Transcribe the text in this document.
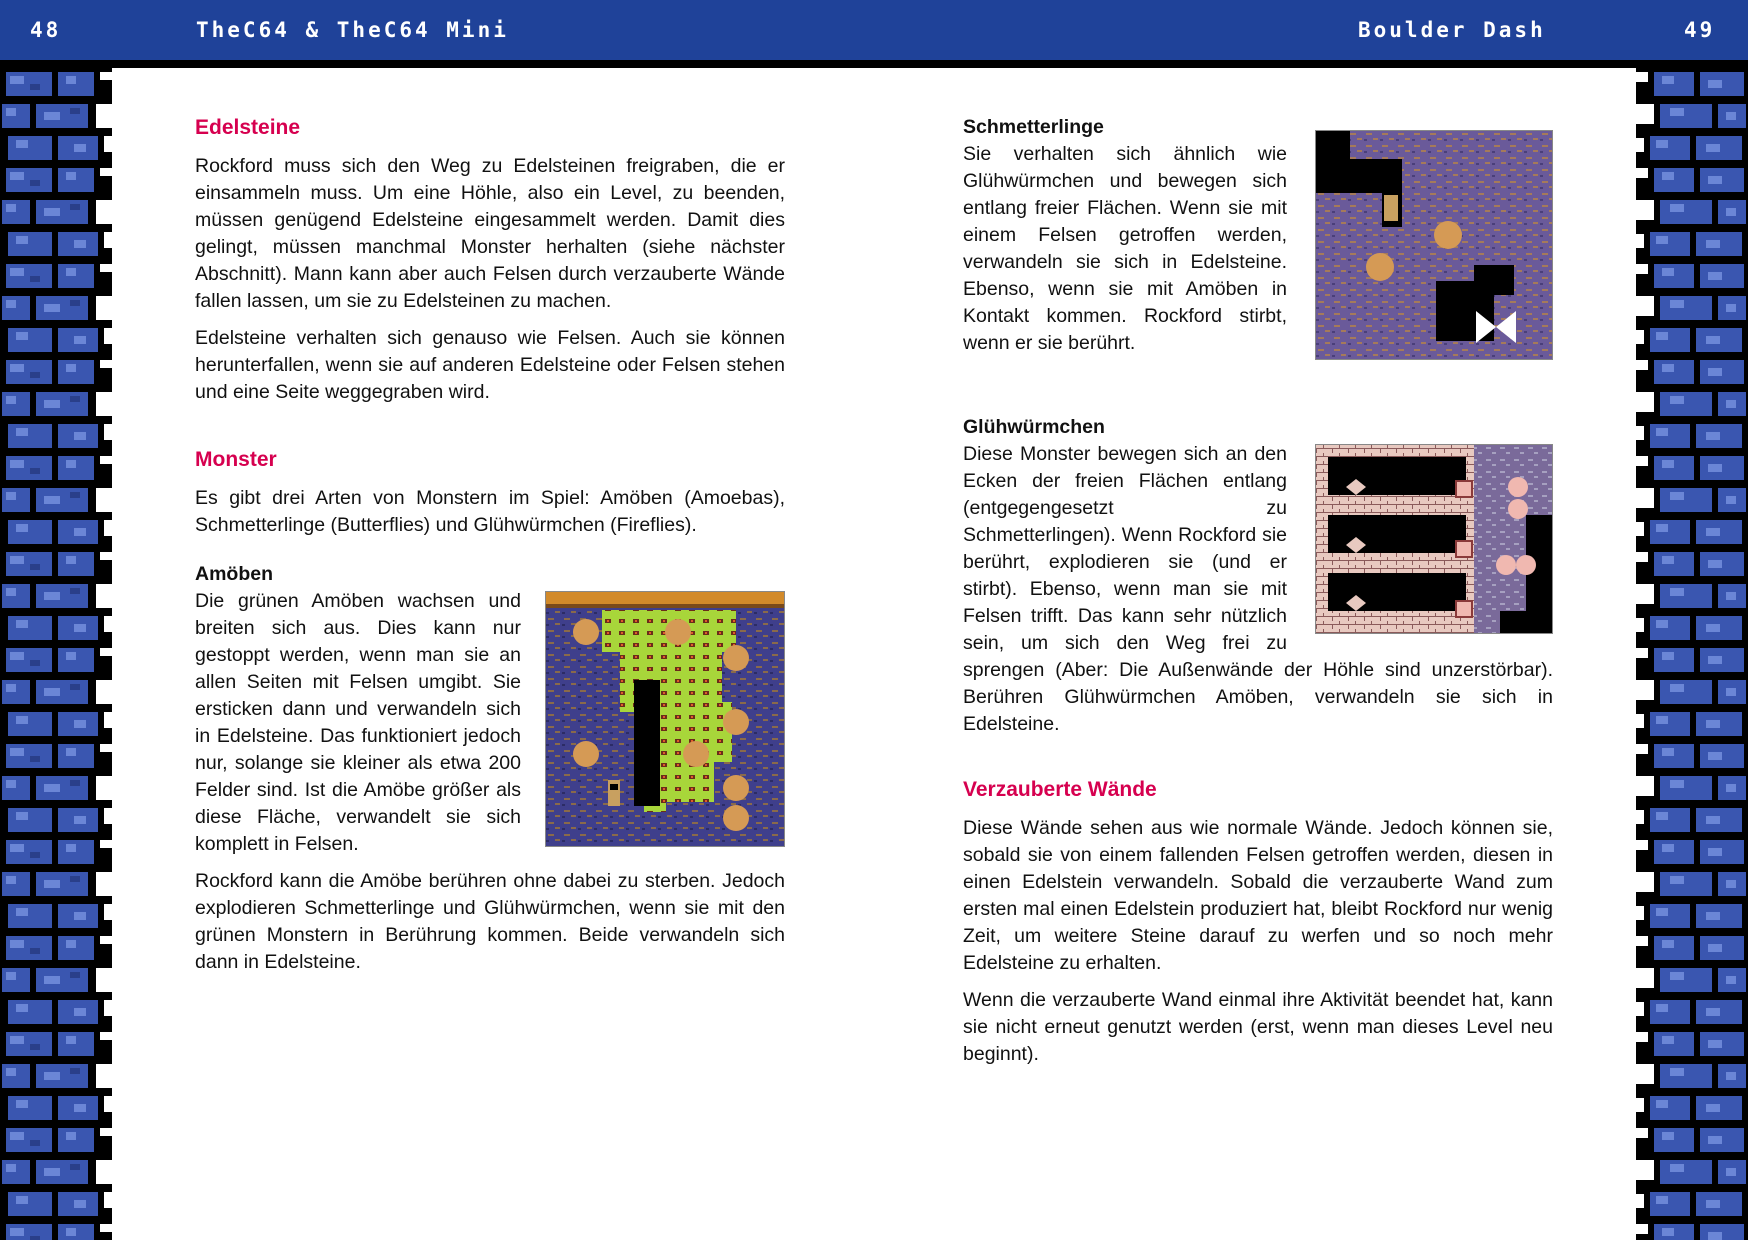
48	TheC64 & TheC64 Mini	Boulder Dash	49
Edelsteine

Rockford muss sich den Weg zu Edelsteinen freigraben, die er einsammeln muss. Um eine Höhle, also ein Level, zu beenden, müssen genügend Edelsteine eingesammelt werden. Damit dies gelingt, müssen manchmal Monster herhalten (siehe nächster Abschnitt). Mann kann aber auch Felsen durch verzauberte Wände fallen lassen, um sie zu Edelsteinen zu machen.

Edelsteine verhalten sich genauso wie Felsen. Auch sie können herunterfallen, wenn sie auf anderen Edelsteine oder Felsen stehen und eine Seite weggegraben wird.

Monster

Es gibt drei Arten von Monstern im Spiel: Amöben (Amoebas), Schmetterlinge (Butterflies) und Glühwürmchen (Fireflies).

Amöben

Die grünen Amöben wachsen und breiten sich aus. Dies kann nur gestoppt werden, wenn man sie an allen Seiten mit Felsen umgibt. Sie ersticken dann und verwandeln sich in Edelsteine. Das funktioniert jedoch nur, solange sie kleiner als etwa 200 Felder sind. Ist die Amöbe größer als diese Fläche, verwandelt sie sich komplett in Felsen.

Rockford kann die Amöbe berühren ohne dabei zu sterben. Jedoch explodieren Schmetterlinge und Glühwürmchen, wenn sie mit den grünen Monstern in Berührung kommen. Beide verwandeln sich dann in Edelsteine.

Schmetterlinge

Sie verhalten sich ähnlich wie Glühwürmchen und bewegen sich entlang freier Flächen. Wenn sie mit einem Felsen getroffen werden, verwandeln sie sich in Edelsteine. Ebenso, wenn sie mit Amöben in Kontakt kommen. Rockford stirbt, wenn er sie berührt.

Glühwürmchen

Diese Monster bewegen sich an den Ecken der freien Flächen entlang (entgegengesetzt zu Schmetterlingen). Wenn Rockford sie berührt, explodieren sie (und er stirbt). Ebenso, wenn man sie mit Felsen trifft. Das kann sehr nützlich sein, um sich den Weg frei zu sprengen (Aber: Die Außenwände der Höhle sind unzerstörbar). Berühren Glühwürmchen Amöben, verwandeln sie sich in Edelsteine.

Verzauberte Wände

Diese Wände sehen aus wie normale Wände. Jedoch können sie, sobald sie von einem fallenden Felsen getroffen werden, diesen in einen Edelstein verwandeln. Sobald die verzauberte Wand zum ersten mal einen Edelstein produziert hat, bleibt Rockford nur wenig Zeit, um weitere Steine darauf zu werfen und so noch mehr Edelsteine zu erhalten.

Wenn die verzauberte Wand einmal ihre Aktivität beendet hat, kann sie nicht erneut genutzt werden (erst, wenn man dieses Level neu beginnt).
